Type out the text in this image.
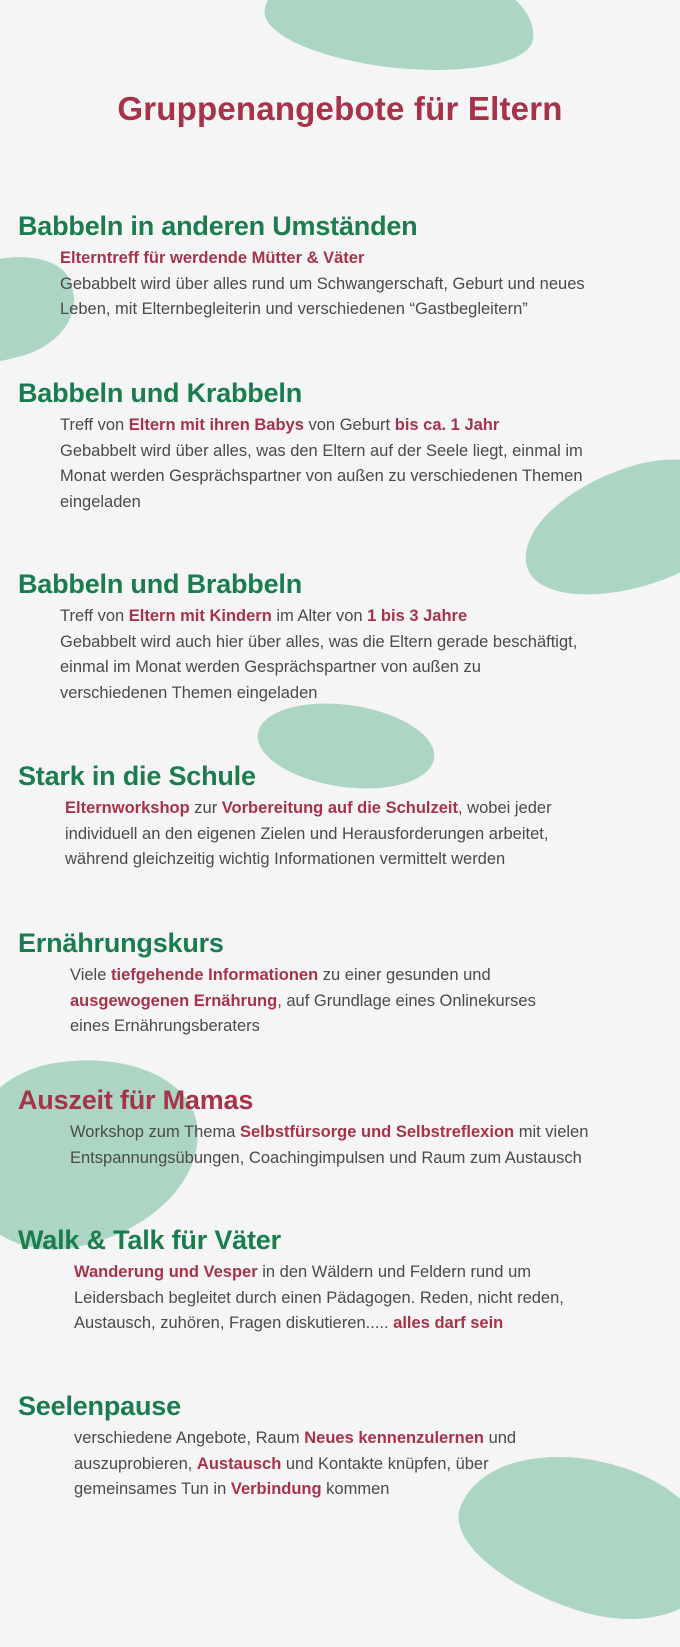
Gruppenangebote für Eltern
Babbeln in anderen Umständen

Elterntreff für werdende Mütter & Väter
Gebabbelt wird über alles rund um Schwangerschaft, Geburt und neues
Leben, mit Elternbegleiterin und verschiedenen “Gastbegleitern”

Babbeln und Krabbeln

Treff von Eltern mit ihren Babys von Geburt bis ca. 1 Jahr
Gebabbelt wird über alles, was den Eltern auf der Seele liegt, einmal im
Monat werden Gesprächspartner von außen zu verschiedenen Themen
eingeladen

Babbeln und Brabbeln

Treff von Eltern mit Kindern im Alter von 1 bis 3 Jahre
Gebabbelt wird auch hier über alles, was die Eltern gerade beschäftigt,
einmal im Monat werden Gesprächspartner von außen zu
verschiedenen Themen eingeladen

Stark in die Schule

Elternworkshop zur Vorbereitung auf die Schulzeit, wobei jeder
individuell an den eigenen Zielen und Herausforderungen arbeitet,
während gleichzeitig wichtig Informationen vermittelt werden

Ernährungskurs

Viele tiefgehende Informationen zu einer gesunden und
ausgewogenen Ernährung, auf Grundlage eines Onlinekurses
eines Ernährungsberaters

Auszeit für Mamas

Workshop zum Thema Selbstfürsorge und Selbstreflexion mit vielen
Entspannungsübungen, Coachingimpulsen und Raum zum Austausch

Walk & Talk für Väter

Wanderung und Vesper in den Wäldern und Feldern rund um
Leidersbach begleitet durch einen Pädagogen. Reden, nicht reden,
Austausch, zuhören, Fragen diskutieren..... alles darf sein

Seelenpause

verschiedene Angebote, Raum Neues kennenzulernen und
auszuprobieren, Austausch und Kontakte knüpfen, über
gemeinsames Tun in Verbindung kommen
